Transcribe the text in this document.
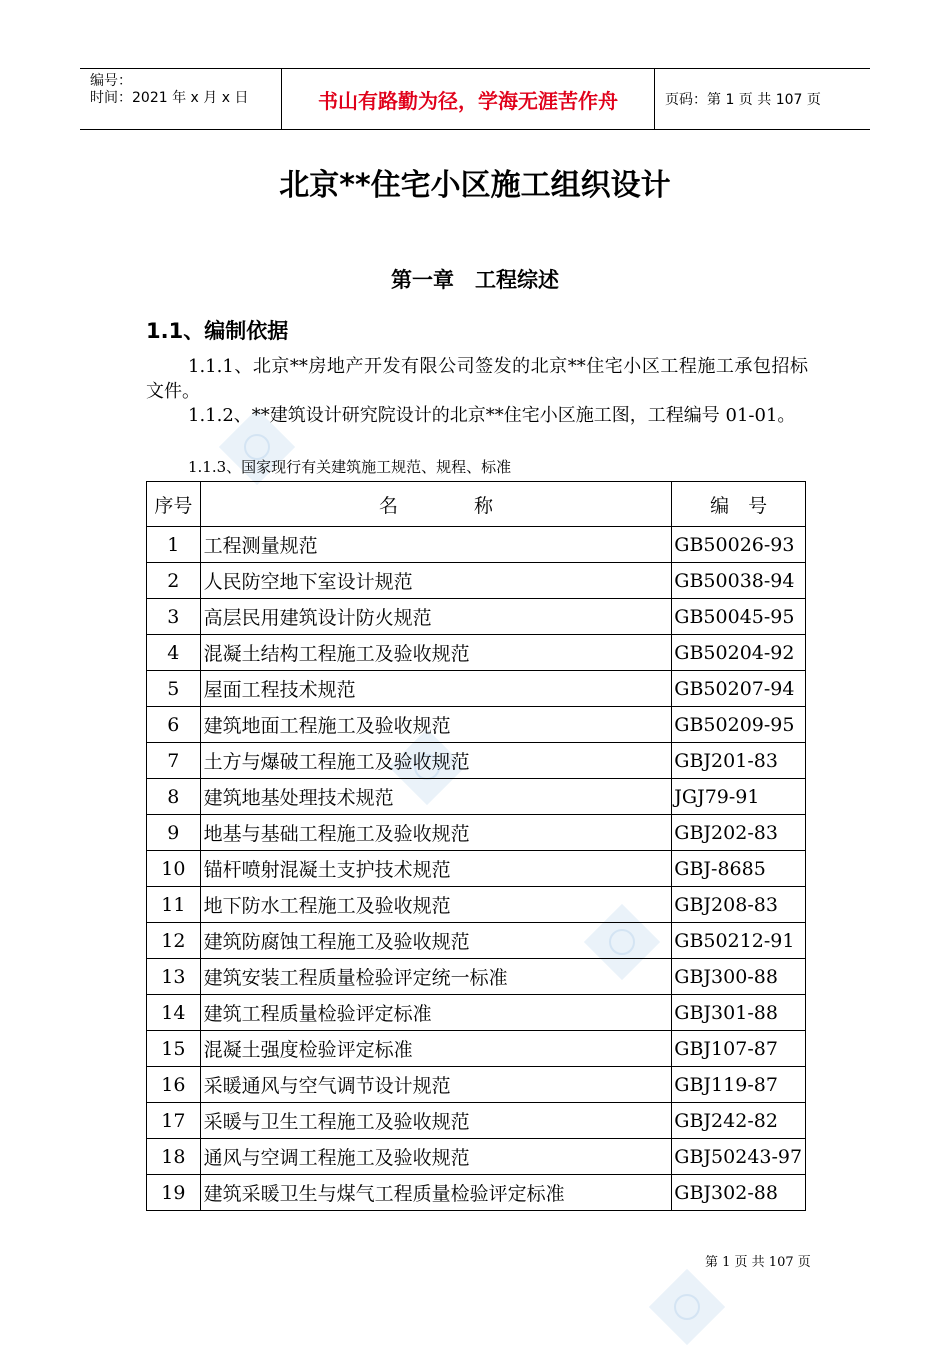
编号：
时间：2021 年 x 月 x 日	书山有路勤为径，学海无涯苦作舟	页码：第 1 页 共 107 页
北京**住宅小区施工组织设计
第一章　工程综述
1.1、编制依据
1.1.1、北京**房地产开发有限公司签发的北京**住宅小区工程施工承包招标文件。
1.1.2、**建筑设计研究院设计的北京**住宅小区施工图，工程编号 01-01。
1.1.3、国家现行有关建筑施工规范、规程、标准
序号	名　　　　称	编　号
1	工程测量规范	GB50026-93
2	人民防空地下室设计规范	GB50038-94
3	高层民用建筑设计防火规范	GB50045-95
4	混凝土结构工程施工及验收规范	GB50204-92
5	屋面工程技术规范	GB50207-94
6	建筑地面工程施工及验收规范	GB50209-95
7	土方与爆破工程施工及验收规范	GBJ201-83
8	建筑地基处理技术规范	JGJ79-91
9	地基与基础工程施工及验收规范	GBJ202-83
10	锚杆喷射混凝土支护技术规范	GBJ-8685
11	地下防水工程施工及验收规范	GBJ208-83
12	建筑防腐蚀工程施工及验收规范	GB50212-91
13	建筑安装工程质量检验评定统一标准	GBJ300-88
14	建筑工程质量检验评定标准	GBJ301-88
15	混凝土强度检验评定标准	GBJ107-87
16	采暖通风与空气调节设计规范	GBJ119-87
17	采暖与卫生工程施工及验收规范	GBJ242-82
18	通风与空调工程施工及验收规范	GBJ50243-97
19	建筑采暖卫生与煤气工程质量检验评定标准	GBJ302-88
第 1 页 共 107 页
